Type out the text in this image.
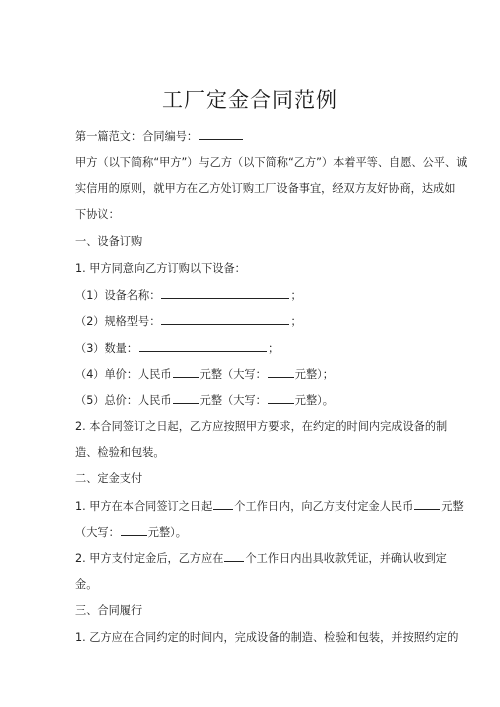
工厂定金合同范例
第一篇范文：合同编号：
甲方（以下简称“甲方”）与乙方（以下简称“乙方”）本着平等、自愿、公平、诚
实信用的原则，就甲方在乙方处订购工厂设备事宜，经双方友好协商，达成如
下协议：
一、设备订购
1. 甲方同意向乙方订购以下设备：
（1）设备名称：	；
（2）规格型号：	；
（3）数量：	；
（4）单价：人民币	元整（大写：	元整）；
（5）总价：人民币	元整（大写：	元整）。
2. 本合同签订之日起，乙方应按照甲方要求，在约定的时间内完成设备的制
造、检验和包装。
二、定金支付
1. 甲方在本合同签订之日起 个工作日内，向乙方支付定金人民币	元整
（大写：	元整）。
2. 甲方支付定金后，乙方应在 个工作日内出具收款凭证，并确认收到定
金。
三、合同履行
1. 乙方应在合同约定的时间内，完成设备的制造、检验和包装，并按照约定的
